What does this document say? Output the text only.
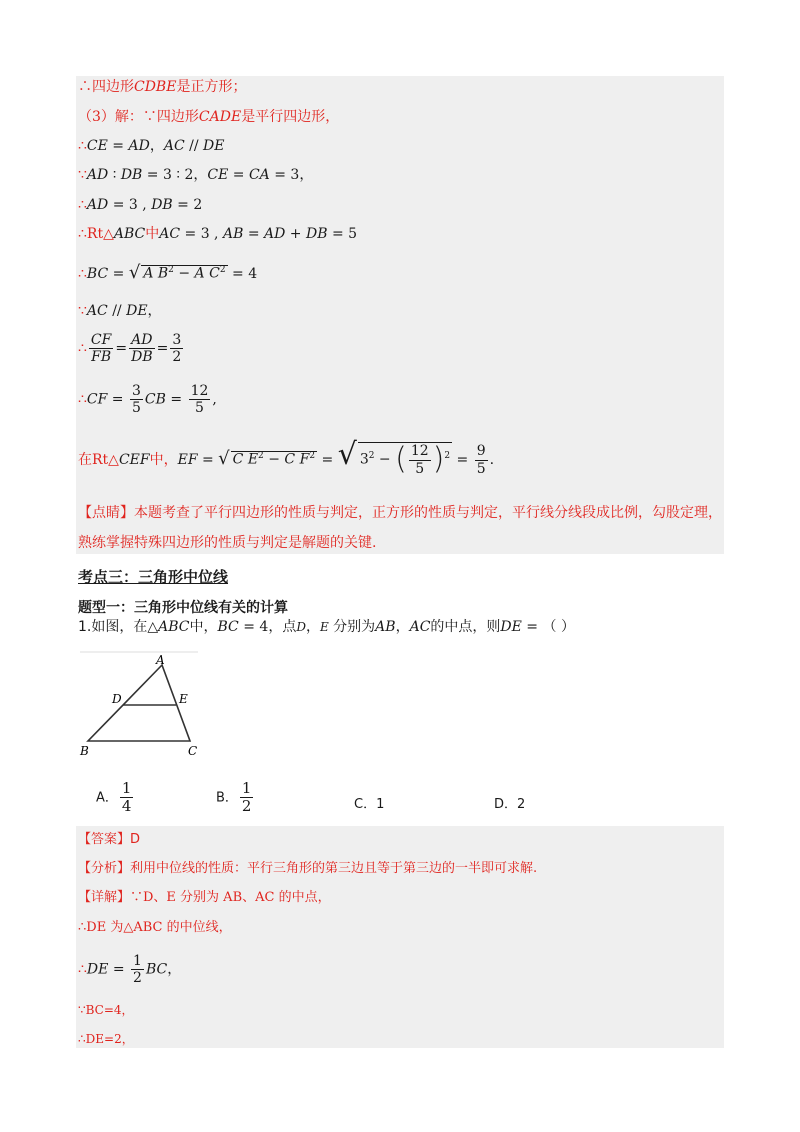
∴四边形CDBE是正方形；
（3）解：∵四边形CADE是平行四边形，
∴CE = AD，AC // DE
∵AD ∶ DB = 3 ∶ 2，CE = CA = 3，
∴AD = 3 , DB = 2
∴Rt△ABC中AC = 3 , AB = AD + DB = 5
∴BC = √ A $B^2 - A$ $C^2 = 4$
∵AC // DE，
∴ $\frac{CF}{FB} = \frac{AD}{DB} = \frac{3}{2}$
∴CF = $\frac{3}{5}$ CB = $\frac{12}{5}$ ,
在Rt△CEF中，EF = √ C $E^2 - C$ $F^2$ = √ $3^2$ − ( $\frac{12}{5} )^2 = \frac{9}{5}$ .
【点睛】本题考查了平行四边形的性质与判定，正方形的性质与判定，平行线分线段成比例，勾股定理，
熟练掌握特殊四边形的性质与判定是解题的关键.
考点三：三角形中位线
题型一：三角形中位线有关的计算
1.如图，在△ABC中，BC = 4，点D，E 分别为AB，AC的中点，则DE = （ ）
A
D	E
B	C
A． $\frac{1}{4}$	B． $\frac{1}{2}$	C．1	D．2
【答案】D
【分析】利用中位线的性质：平行三角形的第三边且等于第三边的一半即可求解.
【详解】∵D、E 分别为 AB、AC 的中点，
∴DE 为△ABC 的中位线，
∴DE = $\frac{1}{2}$ BC，
∵BC=4，
∴DE=2，
